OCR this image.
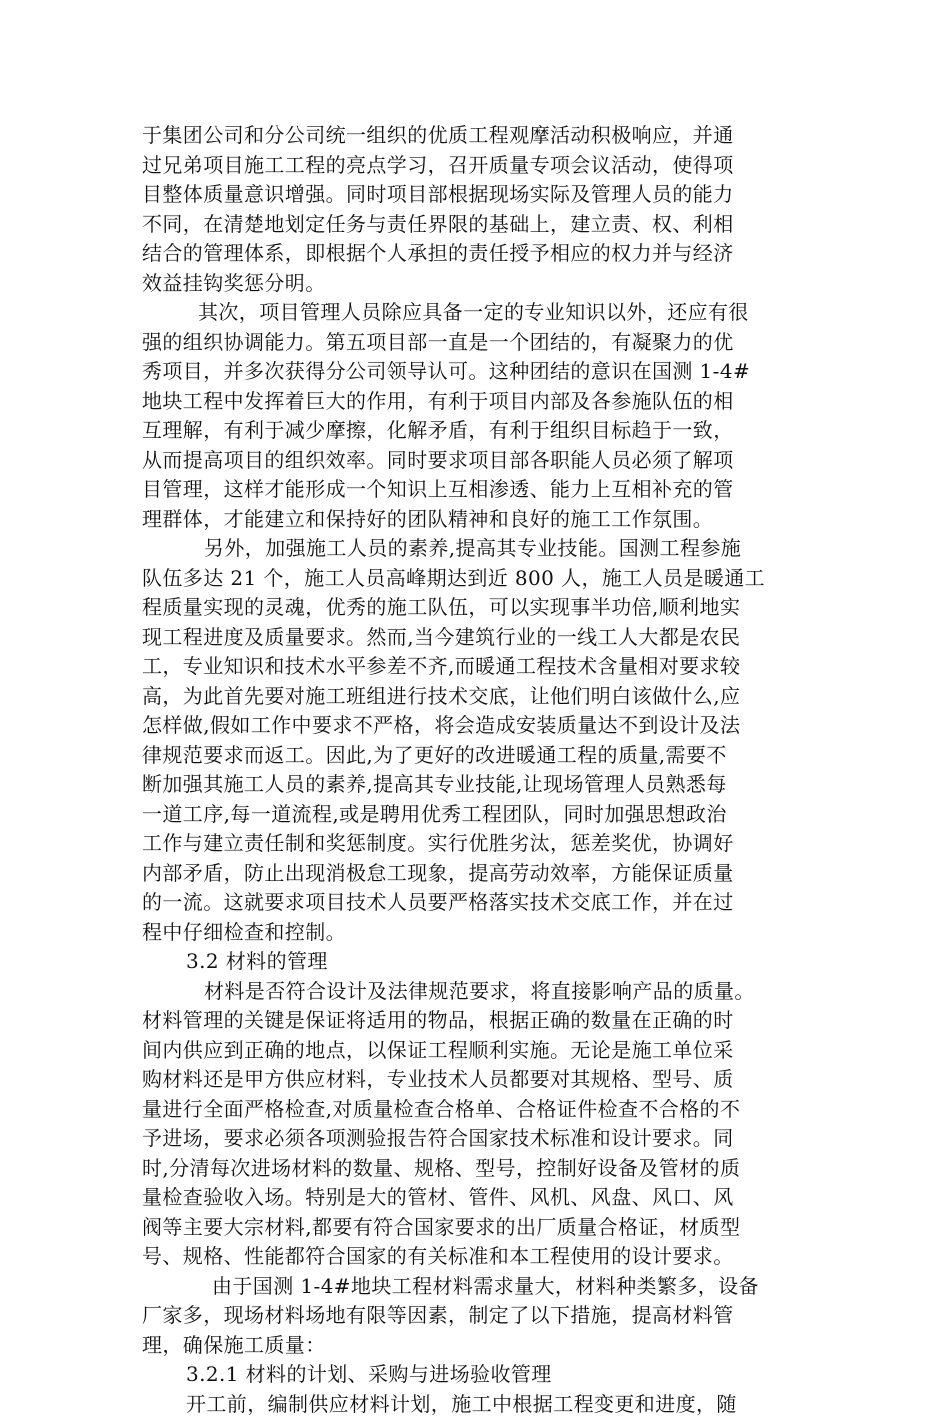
于集团公司和分公司统一组织的优质工程观摩活动积极响应，并通
过兄弟项目施工工程的亮点学习，召开质量专项会议活动，使得项
目整体质量意识增强。同时项目部根据现场实际及管理人员的能力
不同，在清楚地划定任务与责任界限的基础上，建立责、权、利相
结合的管理体系，即根据个人承担的责任授予相应的权力并与经济
效益挂钩奖惩分明。
其次，项目管理人员除应具备一定的专业知识以外，还应有很
强的组织协调能力。第五项目部一直是一个团结的，有凝聚力的优
秀项目，并多次获得分公司领导认可。这种团结的意识在国测 1-4#
地块工程中发挥着巨大的作用，有利于项目内部及各参施队伍的相
互理解，有利于减少摩擦，化解矛盾，有利于组织目标趋于一致，
从而提高项目的组织效率。同时要求项目部各职能人员必须了解项
目管理，这样才能形成一个知识上互相渗透、能力上互相补充的管
理群体，才能建立和保持好的团队精神和良好的施工工作氛围。
另外，加强施工人员的素养,提高其专业技能。国测工程参施
队伍多达 21 个，施工人员高峰期达到近 800 人，施工人员是暖通工
程质量实现的灵魂，优秀的施工队伍，可以实现事半功倍,顺利地实
现工程进度及质量要求。然而,当今建筑行业的一线工人大都是农民
工，专业知识和技术水平参差不齐,而暖通工程技术含量相对要求较
高，为此首先要对施工班组进行技术交底，让他们明白该做什么,应
怎样做,假如工作中要求不严格，将会造成安装质量达不到设计及法
律规范要求而返工。因此,为了更好的改进暖通工程的质量,需要不
断加强其施工人员的素养,提高其专业技能,让现场管理人员熟悉每
一道工序,每一道流程,或是聘用优秀工程团队，同时加强思想政治
工作与建立责任制和奖惩制度。实行优胜劣汰，惩差奖优，协调好
内部矛盾，防止出现消极怠工现象，提高劳动效率，方能保证质量
的一流。这就要求项目技术人员要严格落实技术交底工作，并在过
程中仔细检查和控制。
3.2 材料的管理
材料是否符合设计及法律规范要求，将直接影响产品的质量。
材料管理的关键是保证将适用的物品，根据正确的数量在正确的时
间内供应到正确的地点，以保证工程顺利实施。无论是施工单位采
购材料还是甲方供应材料，专业技术人员都要对其规格、型号、质
量进行全面严格检查,对质量检查合格单、合格证件检查不合格的不
予进场，要求必须各项测验报告符合国家技术标准和设计要求。同
时,分清每次进场材料的数量、规格、型号，控制好设备及管材的质
量检查验收入场。特别是大的管材、管件、风机、风盘、风口、风
阀等主要大宗材料,都要有符合国家要求的出厂质量合格证，材质型
号、规格、性能都符合国家的有关标准和本工程使用的设计要求。
由于国测 1-4#地块工程材料需求量大，材料种类繁多，设备
厂家多，现场材料场地有限等因素，制定了以下措施，提高材料管
理，确保施工质量：
3.2.1 材料的计划、采购与进场验收管理
开工前，编制供应材料计划，施工中根据工程变更和进度，随
